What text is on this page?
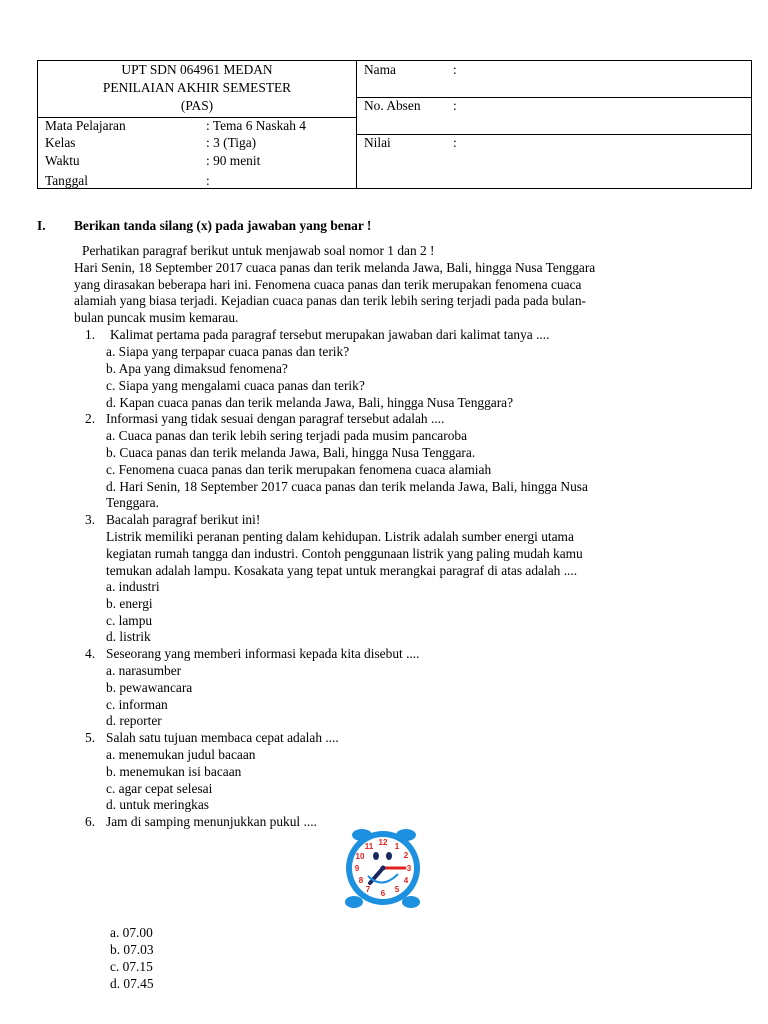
UPT SDN 064961 MEDAN
PENILAIAN AKHIR SEMESTER
(PAS)
Mata Pelajaran	: Tema 6 Naskah 4
Kelas	: 3 (Tiga)
Waktu	: 90 menit
Tanggal	:
Nama	:
No. Absen :
Nilai	:
I. Berikan tanda silang (x) pada jawaban yang benar !
Perhatikan paragraf berikut untuk menjawab soal nomor 1 dan 2 !
Hari Senin, 18 September 2017 cuaca panas dan terik melanda Jawa, Bali, hingga Nusa Tenggara
yang dirasakan beberapa hari ini. Fenomena cuaca panas dan terik merupakan fenomena cuaca
alamiah yang biasa terjadi. Kejadian cuaca panas dan terik lebih sering terjadi pada pada bulan-
bulan puncak musim kemarau.
1. Kalimat pertama pada paragraf tersebut merupakan jawaban dari kalimat tanya ....
a. Siapa yang terpapar cuaca panas dan terik?
b. Apa yang dimaksud fenomena?
c. Siapa yang mengalami cuaca panas dan terik?
d. Kapan cuaca panas dan terik melanda Jawa, Bali, hingga Nusa Tenggara?
2. Informasi yang tidak sesuai dengan paragraf tersebut adalah ....
a. Cuaca panas dan terik lebih sering terjadi pada musim pancaroba
b. Cuaca panas dan terik melanda Jawa, Bali, hingga Nusa Tenggara.
c. Fenomena cuaca panas dan terik merupakan fenomena cuaca alamiah
d. Hari Senin, 18 September 2017 cuaca panas dan terik melanda Jawa, Bali, hingga Nusa
Tenggara.
3. Bacalah paragraf berikut ini!
Listrik memiliki peranan penting dalam kehidupan. Listrik adalah sumber energi utama
kegiatan rumah tangga dan industri. Contoh penggunaan listrik yang paling mudah kamu
temukan adalah lampu. Kosakata yang tepat untuk merangkai paragraf di atas adalah ....
a. industri
b. energi
c. lampu
d. listrik
4. Seseorang yang memberi informasi kepada kita disebut ....
a. narasumber
b. pewawancara
c. informan
d. reporter
5. Salah satu tujuan membaca cepat adalah ....
a. menemukan judul bacaan
b. menemukan isi bacaan
c. agar cepat selesai
d. untuk meringkas
6. Jam di samping menunjukkan pukul ....
12 1
2
3
4
5
6
7
8
9
10
11
a. 07.00
b. 07.03
c. 07.15
d. 07.45
